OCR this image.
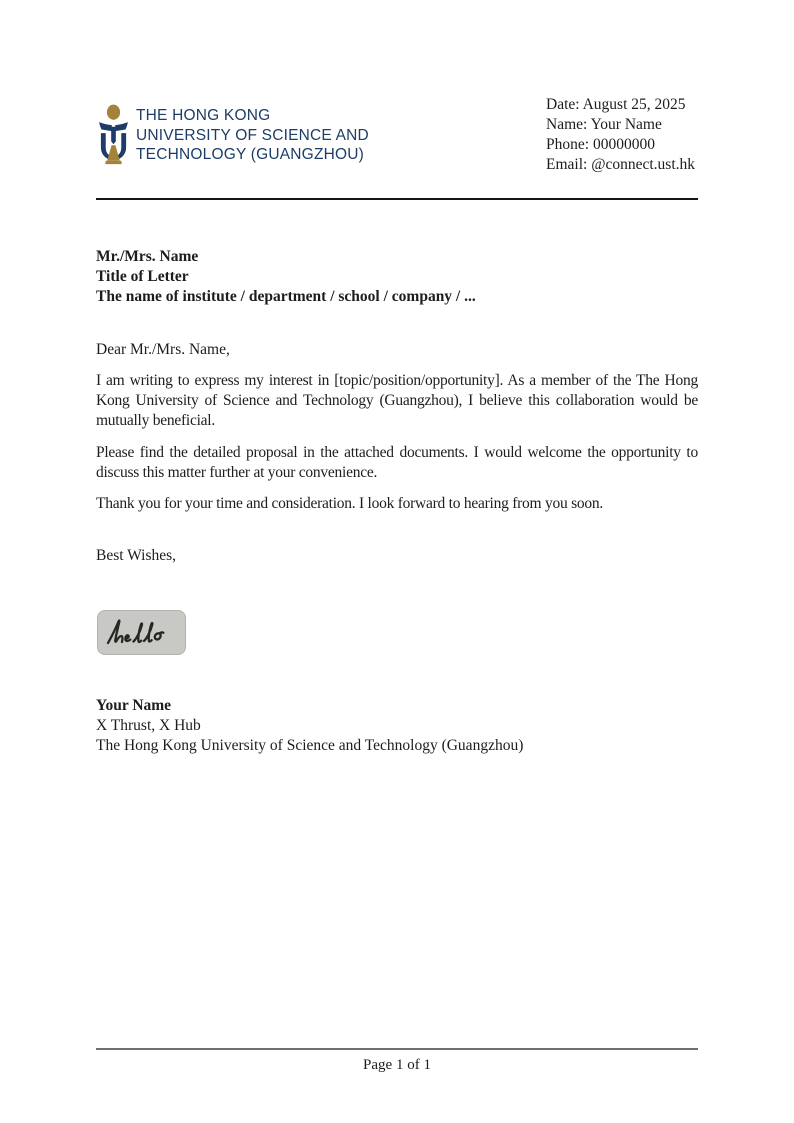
THE HONG KONG
UNIVERSITY OF SCIENCE AND
TECHNOLOGY (GUANGZHOU)
Date: August 25, 2025
Name: Your Name
Phone: 00000000
Email: @connect.ust.hk
Mr./Mrs. Name
Title of Letter
The name of institute / department / school / company / ...
Dear Mr./Mrs. Name,
I am writing to express my interest in [topic/position/opportunity]. As a member of the The Hong Kong University of Science and Technology (Guangzhou), I believe this collaboration would be mutually beneficial.
Please find the detailed proposal in the attached documents. I would welcome the opportunity to discuss this matter further at your convenience.
Thank you for your time and consideration. I look forward to hearing from you soon.
Best Wishes,
Your Name
X Thrust, X Hub
The Hong Kong University of Science and Technology (Guangzhou)
Page 1 of 1
